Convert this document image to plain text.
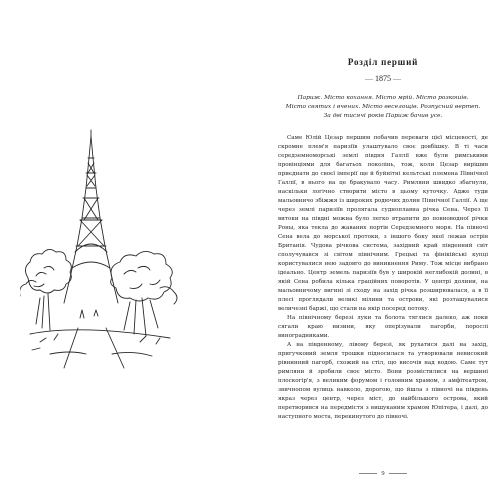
Розділ перший
— 1875 —
Париж. Місто кохання. Місто мрій. Місто розкошів.
Місто святих і вчених. Місто веселощів. Розпусний вертеп.
За дві тисячі років Париж бачив усе.

Саме Юлій Цезар першим побачив переваги цієї місцевості, де скромне плем'я паризіїв улаштувало своє довбішку. В ті часи середземноморські землі півдня Галлії вже були римськими провінціями для багатьох поколінь, тож, коли Цезар вирішив приєднати до своєї імперії ще й буйнітні кельтські племена Північної Галлії, в нього на це бракувало часу. Римляни швидко збагнули, наскільки логічно створити місто в цьому куточку. Адже туди мальовничо збіжжя із широких родючих долин Північної Галлії. А ще через землі паризіїв пролягала судноплавна річка Сена. Через її витоки на півдні можна було легко втрапити до повноводної річки Роны, яка текла до жаваних портів Середземного моря. На півночі Сена вела до морської протоки, з іншого боку якої лежав острів Британія. Чудова річкова система, західний край південний світ сполучувався зі світом північним. Грецькі та фінікійські купці користувалися нею задовго до виникнення Риму. Тож місце вибрано ідеально. Центр земель паризіїв був у широкій неглибокій долині, в якій Сена робила кілька граційних поворотів. У центрі долини, на мальовничому вигині зі сходу на захід річка розширювалася, а в її плесі проглядали великі мілини та острови, які розташувалися величезні баржі, що стали на якір посеред потоку.

На північному березі луки та болота тяглися далеко, аж поки сягали краю низини, яку оперізували пагорби, порослі виноградниками.

А на південному, лівому березі, як рухатися далі на захід, пригучковий земля трошки підносилася та утворювали невисокий рівнинний пагорб, схожий на стіл, що височів над водою. Саме тут римляни й зробили своє місто. Вони розмістилися на вершині плоскогір'я, з великим форумом і головним храмом, з амфітеатром, звичнопом вулиць навколо, дорогою, що йшла з півночі на південь якраз через центр, через міст, до найбільшого острова, який перетворився на передмістя з вишуканим храмом Юпітера, і далі, до наступного моста, перекинутого до півночі.

9
